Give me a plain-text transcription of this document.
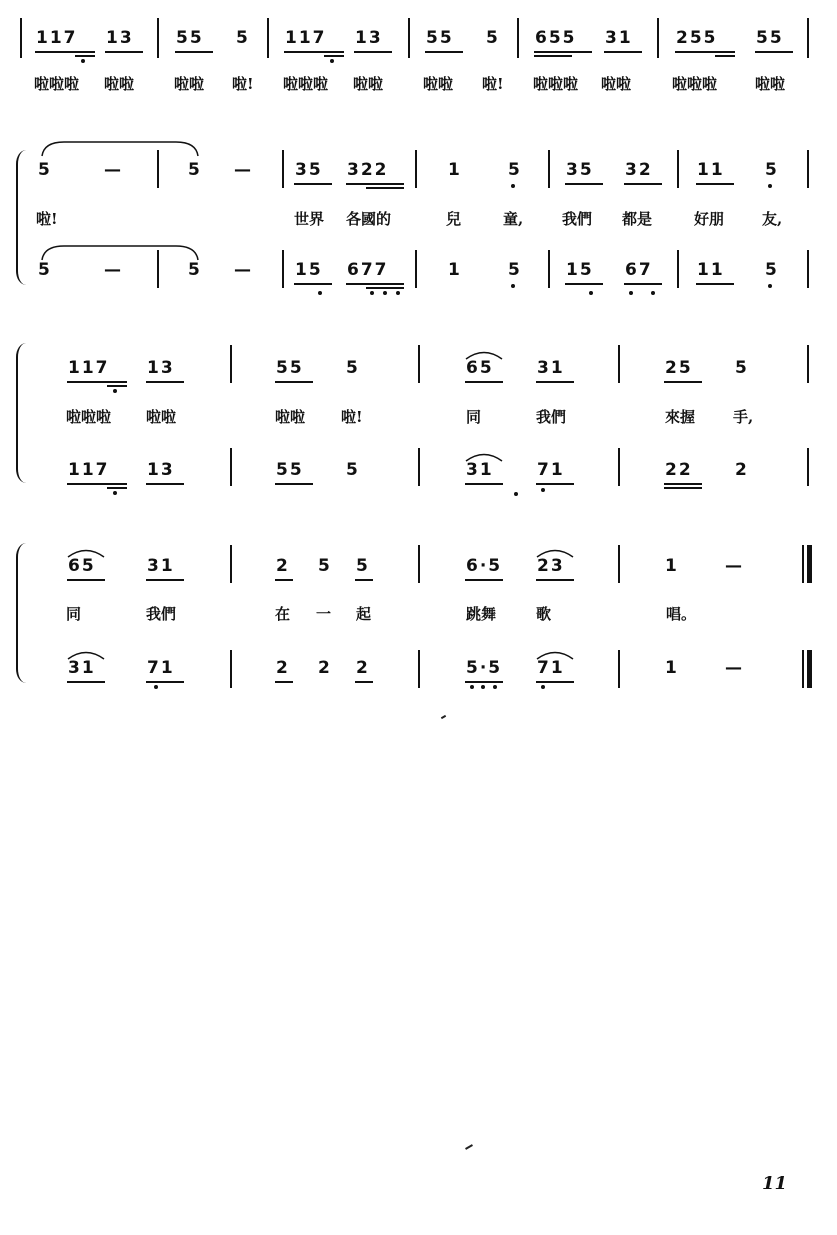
117 13 55 5 117 13	55 5 655 31	255 55
啦啦啦 啦啦	啦啦 啦! 啦啦啦 啦啦	啦啦 啦! 啦啦啦 啦啦	啦啦啦	啦啦
5	—	5 — 35 322	1	5	35 32	11 5
啦!	世界 各國的	兒	童,	我們 都是	好朋	友,
5	—	5 — 15 677	1	5	15 67	11 5
117 13	55 5	65	31	25 5
啦啦啦 啦啦	啦啦 啦!	同	我們	來握	手,
117 13	55 5	31	71	22 2
65	31	2 5 5	6·5 23	1	—
同	我們	在 一 起	跳舞	歌	唱。
31	71	2 2 2	5·5 71	1	—
11
